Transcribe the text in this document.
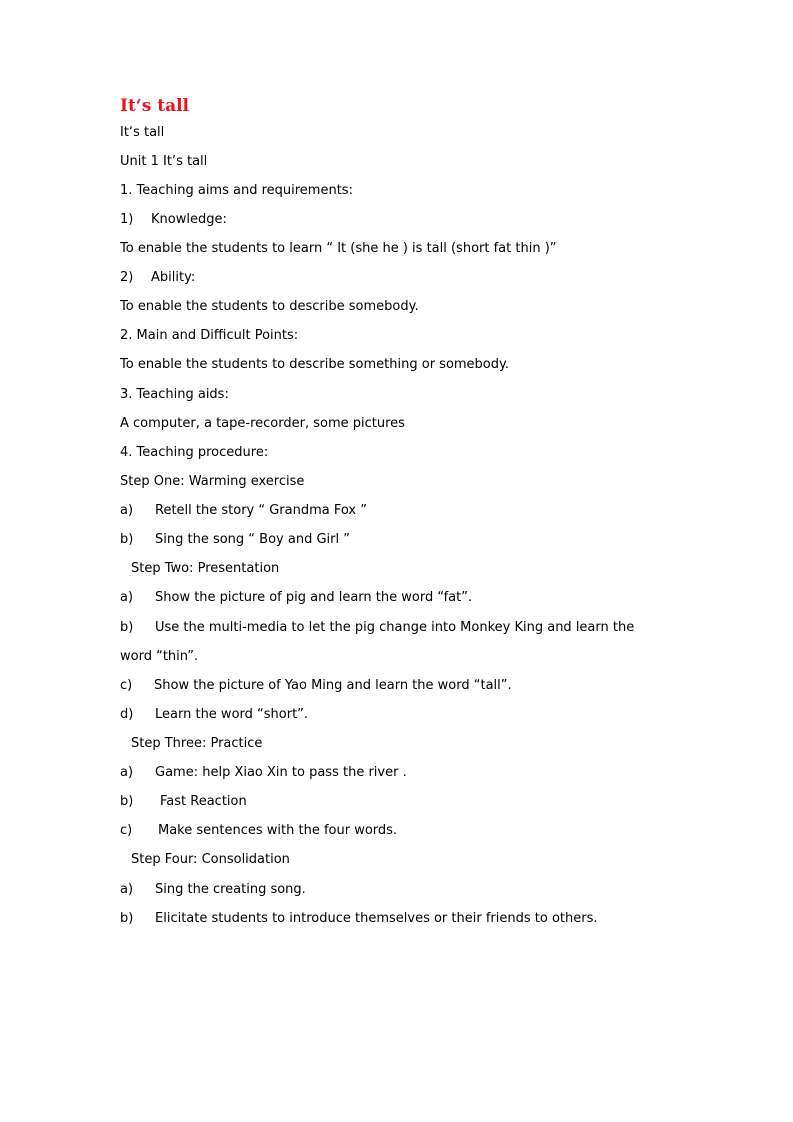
It‘s tall
It‘s tall
Unit 1 It’s tall
1. Teaching aims and requirements:
1) Knowledge:
To enable the students to learn “ It (she he ) is tall (short fat thin )”
2) Ability:
To enable the students to describe somebody.
2. Main and Difficult Points:
To enable the students to describe something or somebody.
3. Teaching aids:
A computer, a tape-recorder, some pictures
4. Teaching procedure:
Step One: Warming exercise
a) Retell the story “ Grandma Fox ”
b) Sing the song “ Boy and Girl ”
Step Two: Presentation
a) Show the picture of pig and learn the word “fat”.
b) Use the multi-media to let the pig change into Monkey King and learn the
word “thin”.
c) Show the picture of Yao Ming and learn the word “tall”.
d) Learn the word “short”.
Step Three: Practice
a) Game: help Xiao Xin to pass the river .
b) Fast Reaction
c) Make sentences with the four words.
Step Four: Consolidation
a) Sing the creating song.
b) Elicitate students to introduce themselves or their friends to others.
